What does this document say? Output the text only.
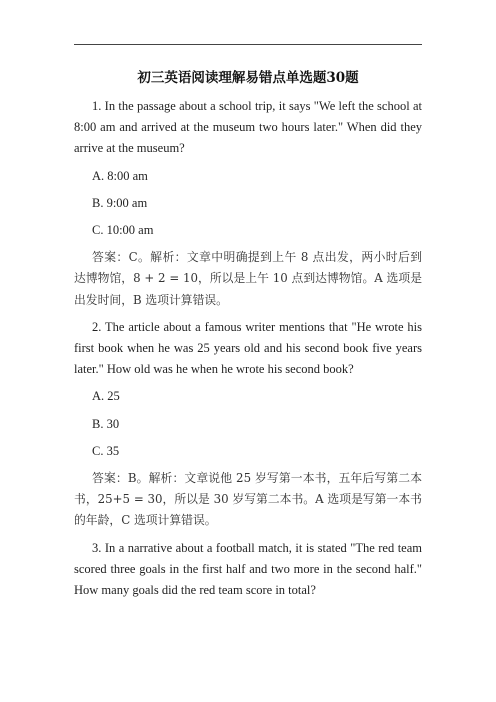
初三英语阅读理解易错点单选题30题

1. In the passage about a school trip, it says "We left the school at 8:00 am and arrived at the museum two hours later." When did they arrive at the museum?

A. 8:00 am

B. 9:00 am

C. 10:00 am

答案：C。解析：文章中明确提到上午 8 点出发，两小时后到达博物馆，8 + 2 = 10，所以是上午 10 点到达博物馆。A 选项是出发时间，B 选项计算错误。

2. The article about a famous writer mentions that "He wrote his first book when he was 25 years old and his second book five years later." How old was he when he wrote his second book?

A. 25

B. 30

C. 35

答案：B。解析：文章说他 25 岁写第一本书，五年后写第二本书，25+5 = 30，所以是 30 岁写第二本书。A 选项是写第一本书的年龄，C 选项计算错误。

3. In a narrative about a football match, it is stated "The red team scored three goals in the first half and two more in the second half." How many goals did the red team score in total?
